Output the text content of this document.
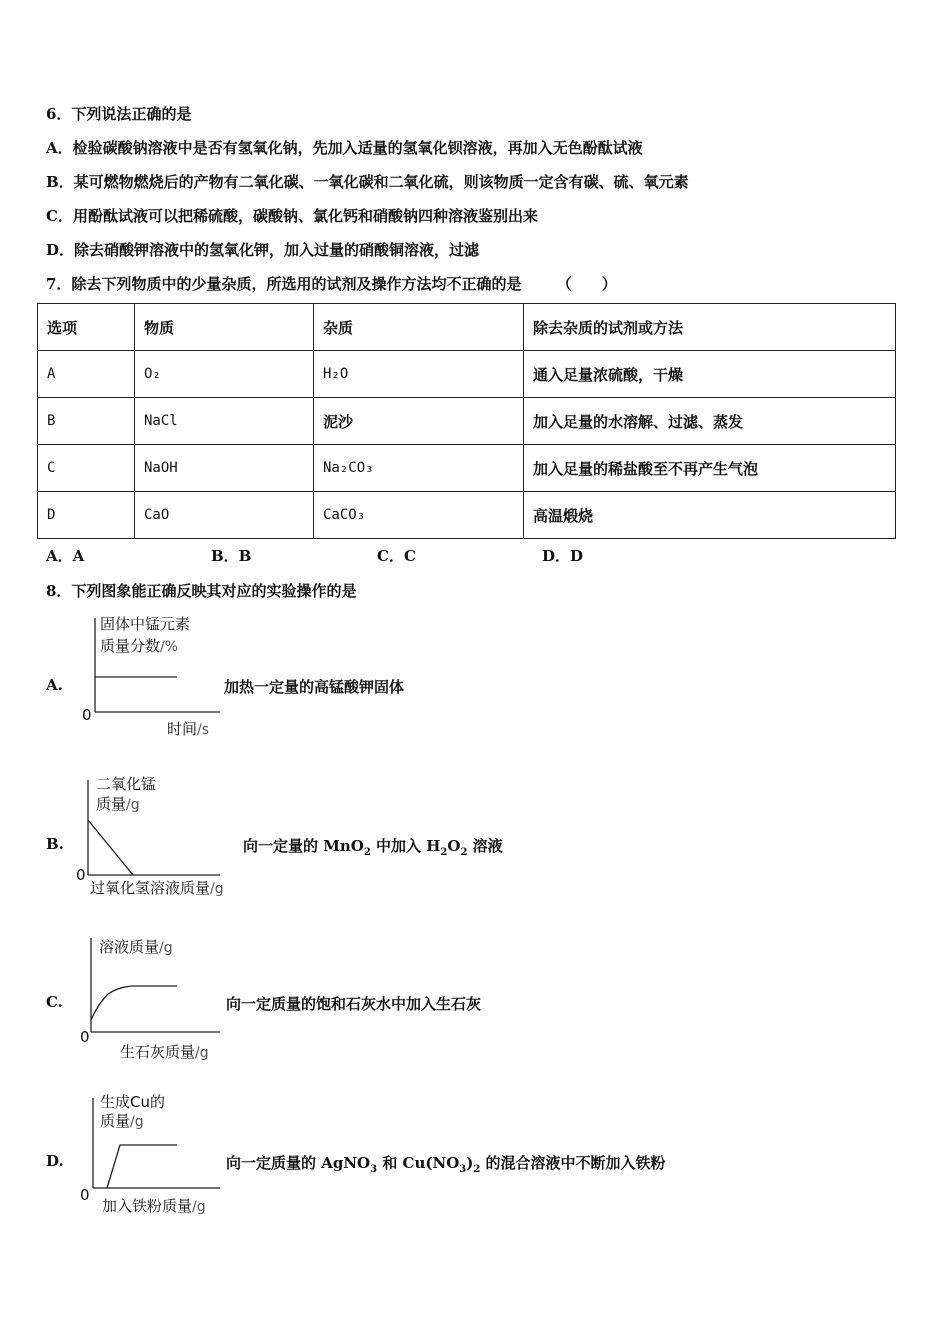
6．下列说法正确的是
A．检验碳酸钠溶液中是否有氢氧化钠，先加入适量的氢氧化钡溶液，再加入无色酚酞试液
B．某可燃物燃烧后的产物有二氧化碳、一氧化碳和二氧化硫，则该物质一定含有碳、硫、氧元素
C．用酚酞试液可以把稀硫酸，碳酸钠、氯化钙和硝酸钠四种溶液鉴别出来
D．除去硝酸钾溶液中的氢氧化钾，加入过量的硝酸铜溶液，过滤
7．除去下列物质中的少量杂质，所选用的试剂及操作方法均不正确的是 （　　）
选项	物质	杂质	除去杂质的试剂或方法
A	O₂	H₂O	通入足量浓硫酸，干燥
B	NaCl	泥沙	加入足量的水溶解、过滤、蒸发
C	NaOH	Na₂CO₃	加入足量的稀盐酸至不再产生气泡
D	CaO	CaCO₃	高温煅烧
A．A	B．B	C．C	D．D
8．下列图象能正确反映其对应的实验操作的是
A.
固体中锰元素
质量分数/%
0
时间/s
加热一定量的高锰酸钾固体
B.
二氧化锰
质量/g
0
过氧化氢溶液质量/g
向一定量的 MnO$_2$ 中加入 $H_2O_2$ 溶液
C.
溶液质量/g
0
生石灰质量/g
向一定质量的饱和石灰水中加入生石灰
D.
生成Cu的
质量/g
0
加入铁粉质量/g
向一定质量的 AgNO$_3$ 和 $Cu(NO_3)_2$ 的混合溶液中不断加入铁粉
